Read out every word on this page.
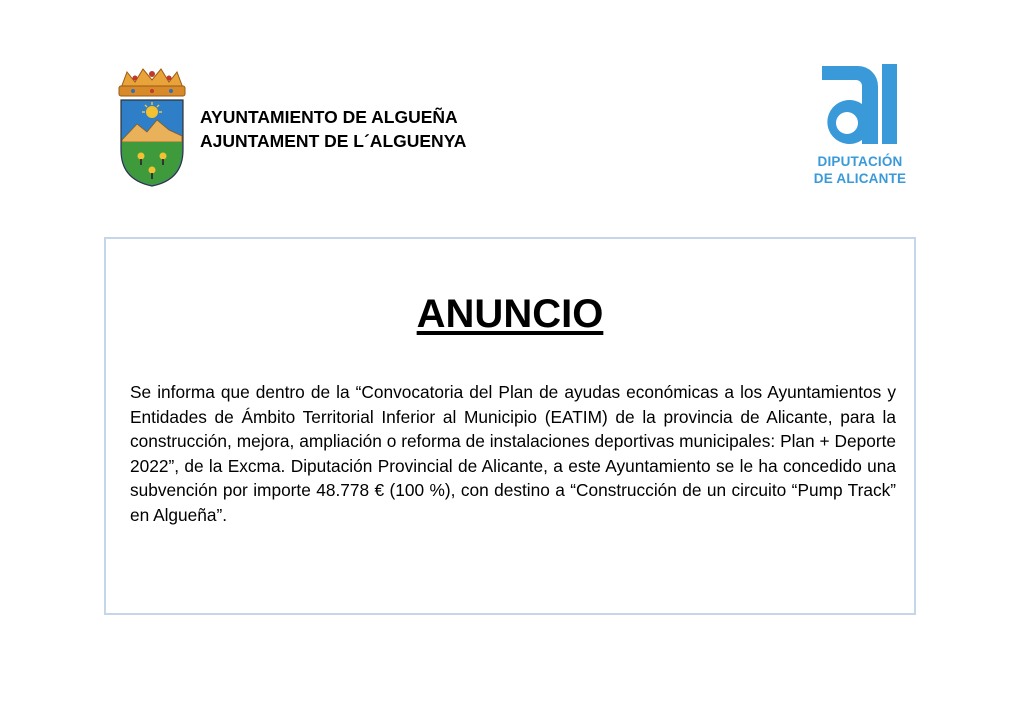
AYUNTAMIENTO DE ALGUEÑA
AJUNTAMENT DE L´ALGUENYA
DIPUTACIÓN
DE ALICANTE
ANUNCIO
Se informa que dentro de la “Convocatoria del Plan de ayudas económicas a los Ayuntamientos y Entidades de Ámbito Territorial Inferior al Municipio (EATIM) de la provincia de Alicante, para la construcción, mejora, ampliación o reforma de instalaciones deportivas municipales: Plan + Deporte 2022”, de la Excma. Diputación Provincial de Alicante, a este Ayuntamiento se le ha concedido una subvención por importe 48.778 € (100 %), con destino a “Construcción de un circuito “Pump Track” en Algueña”.
